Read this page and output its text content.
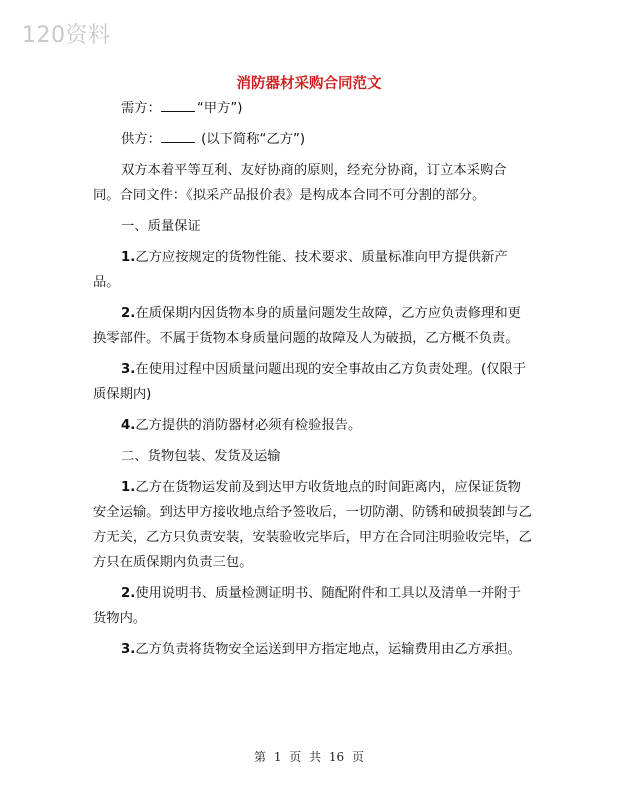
120资料
消防器材采购合同范文

需方：	“甲方”)

供方：	(以下简称“乙方”)

双方本着平等互利、友好协商的原则，经充分协商，订立本采购合同。合同文件：《拟采产品报价表》是构成本合同不可分割的部分。

一、质量保证

1.乙方应按规定的货物性能、技术要求、质量标准向甲方提供新产品。

2.在质保期内因货物本身的质量问题发生故障，乙方应负责修理和更换零部件。不属于货物本身质量问题的故障及人为破损，乙方概不负责。

3.在使用过程中因质量问题出现的安全事故由乙方负责处理。(仅限于质保期内)

4.乙方提供的消防器材必须有检验报告。

二、货物包装、发货及运输

1.乙方在货物运发前及到达甲方收货地点的时间距离内，应保证货物安全运输。到达甲方接收地点给予签收后，一切防潮、防锈和破损装卸与乙方无关，乙方只负责安装，安装验收完毕后，甲方在合同注明验收完毕，乙方只在质保期内负责三包。

2.使用说明书、质量检测证明书、随配附件和工具以及清单一并附于货物内。

3.乙方负责将货物安全运送到甲方指定地点，运输费用由乙方承担。

第 1 页 共 16 页
